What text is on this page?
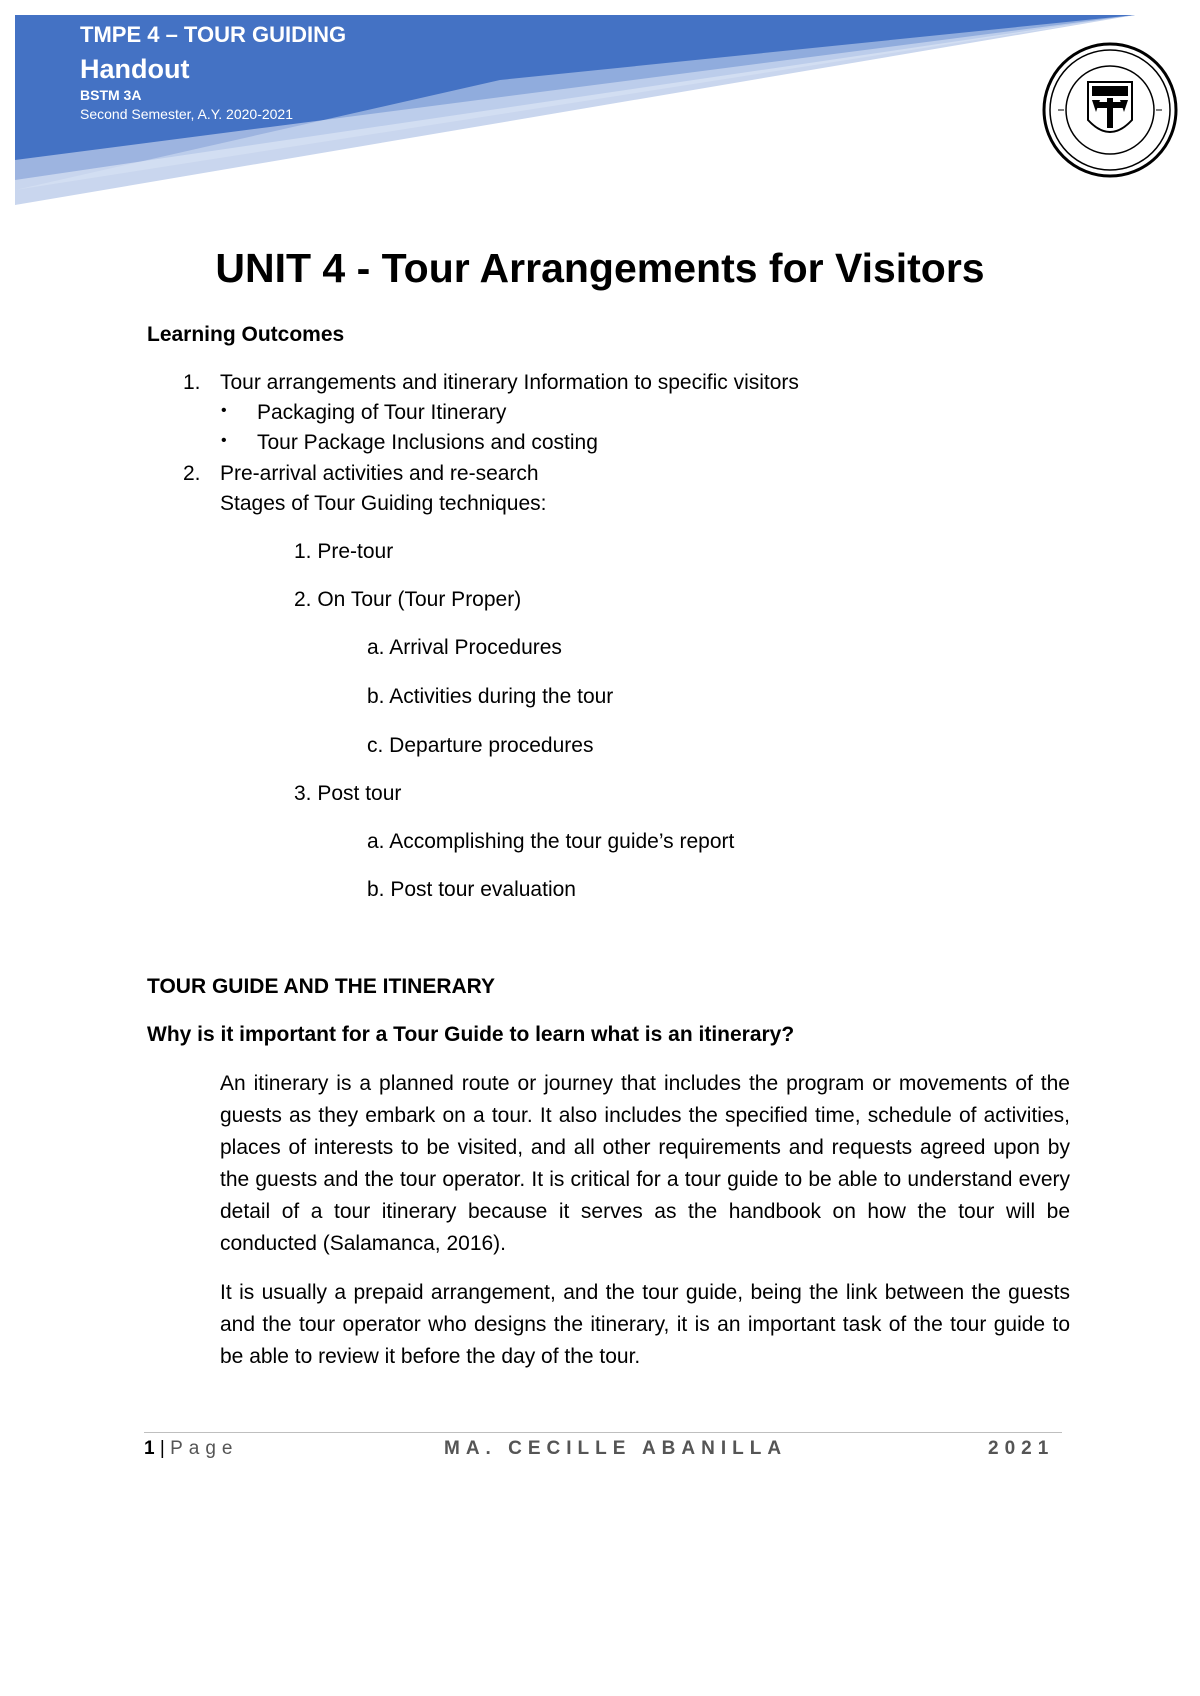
TMPE 4 – TOUR GUIDING
Handout
BSTM 3A
Second Semester, A.Y. 2020-2021
UNIT 4 - Tour Arrangements for Visitors
Learning Outcomes
1. Tour arrangements and itinerary Information to specific visitors
• Packaging of Tour Itinerary
• Tour Package Inclusions and costing
2. Pre-arrival activities and re-search
Stages of Tour Guiding techniques:
1. Pre-tour
2. On Tour (Tour Proper)
a. Arrival Procedures
b. Activities during the tour
c. Departure procedures
3. Post tour
a. Accomplishing the tour guide’s report
b. Post tour evaluation
TOUR GUIDE AND THE ITINERARY
Why is it important for a Tour Guide to learn what is an itinerary?
An itinerary is a planned route or journey that includes the program or movements of the guests as they embark on a tour. It also includes the specified time, schedule of activities, places of interests to be visited, and all other requirements and requests agreed upon by the guests and the tour operator. It is critical for a tour guide to be able to understand every detail of a tour itinerary because it serves as the handbook on how the tour will be conducted (Salamanca, 2016).
It is usually a prepaid arrangement, and the tour guide, being the link between the guests and the tour operator who designs the itinerary, it is an important task of the tour guide to be able to review it before the day of the tour.
1 | Page	MA. CECILLE ABANILLA	2021
